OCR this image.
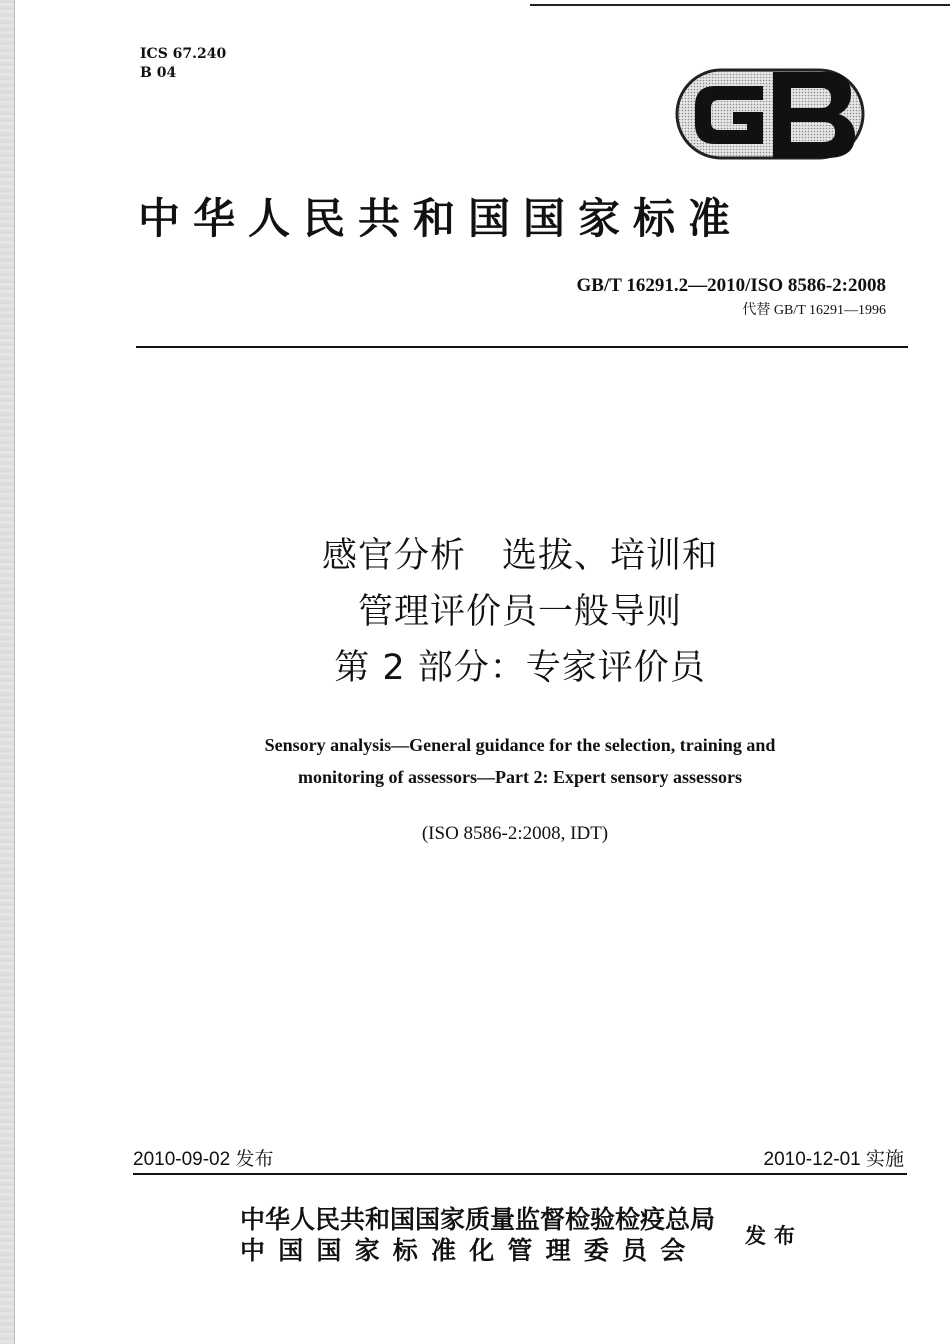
ICS 67.240
B 04
中华人民共和国国家标准
GB/T 16291.2—2010/ISO 8586-2:2008
代替 GB/T 16291—1996
感官分析　选拔、培训和
管理评价员一般导则
第 2 部分：专家评价员
Sensory analysis—General guidance for the selection, training and
monitoring of assessors—Part 2: Expert sensory assessors
(ISO 8586-2:2008, IDT)
2010-09-02 发布	2010-12-01 实施
中华人民共和国国家质量监督检验检疫总局
中国国家标准化管理委员会
发布
